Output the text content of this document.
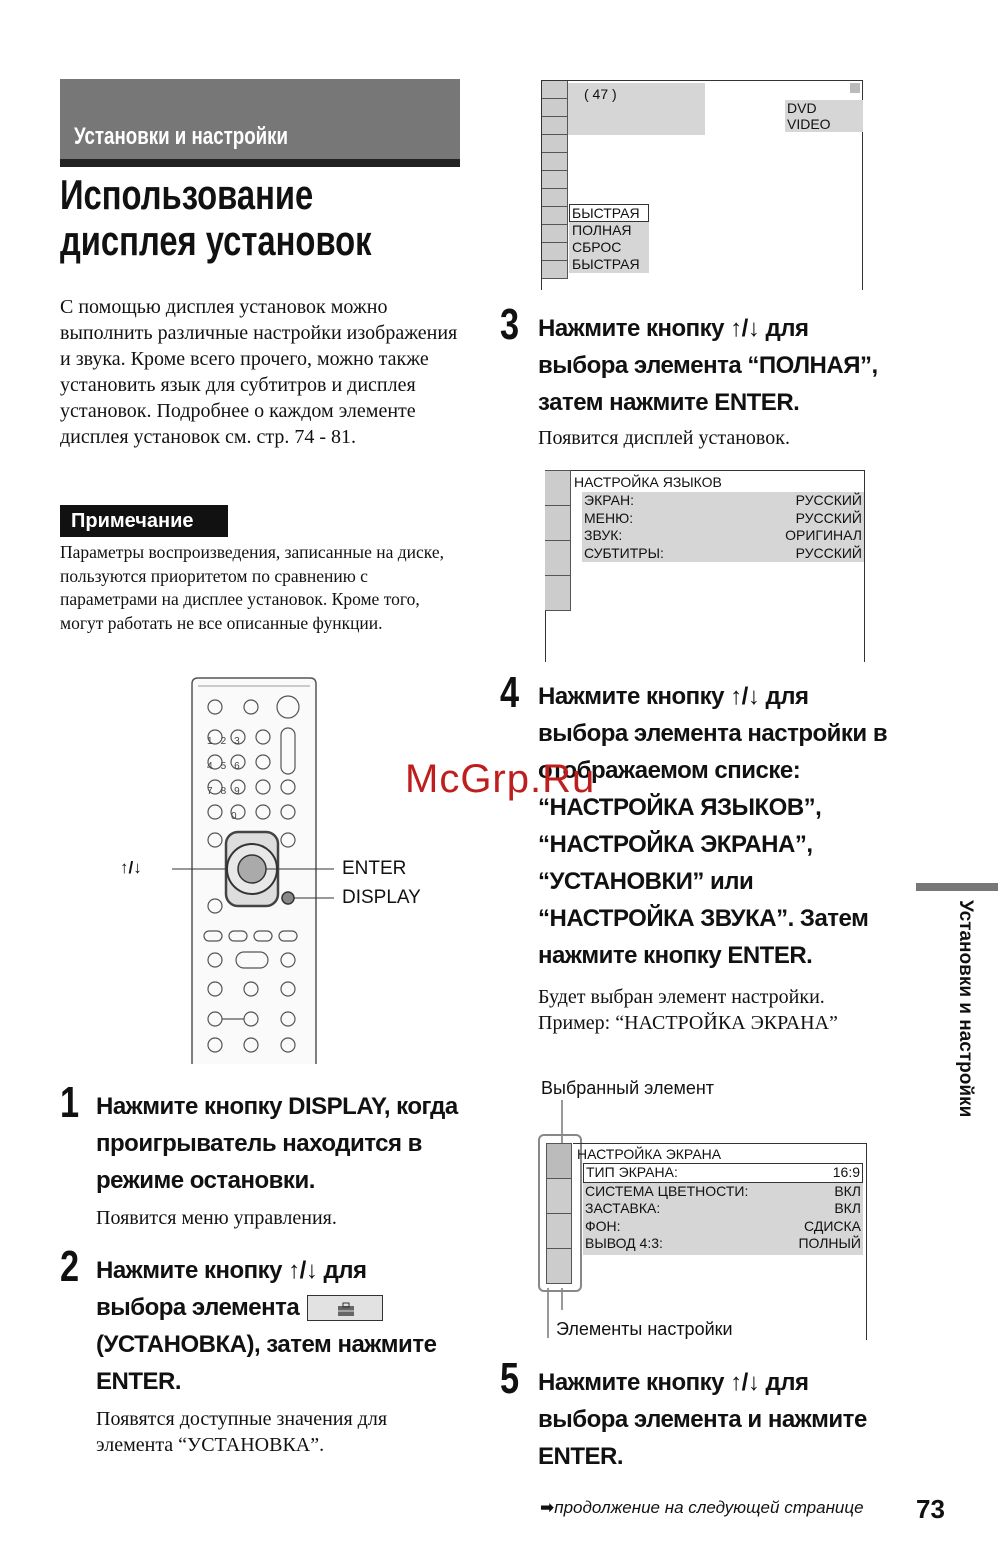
Установки и настройки
Использование
дисплея установок
С помощью дисплея установок можно выполнить различные настройки изображения и звука. Кроме всего прочего, можно также установить язык для субтитров и дисплея установок. Подробнее о каждом элементе дисплея установок см. стр. 74 - 81.
Примечание
Параметры воспроизведения, записанные на диске, пользуются приоритетом по сравнению с параметрами на дисплее установок. Кроме того, могут работать не все описанные функции.
↑/↓	ENTER
DISPLAY
123
456
789
0
1 Нажмите кнопку DISPLAY, когда проигрыватель находится в режиме остановки.
Появится меню управления.
2 Нажмите кнопку ↑/↓ для
выбора элемента
(УСТАНОВКА), затем нажмите ENTER.
Появятся доступные значения для элемента “УСТАНОВКА”.
( 47 )
DVD VIDEO
БЫСТРАЯ
ПОЛНАЯ
СБРОС
БЫСТРАЯ
3 Нажмите кнопку ↑/↓ для выбора элемента “ПОЛНАЯ”, затем нажмите ENTER.
Появится дисплей установок.
НАСТРОЙКА ЯЗЫКОВ
ЭКРАН:	РУССКИЙ
МЕНЮ:	РУССКИЙ
ЗВУК:	ОРИГИНАЛ
СУБТИТРЫ:	РУССКИЙ
4 Нажмите кнопку ↑/↓ для выбора элемента настройки в отображаемом списке: “НАСТРОЙКА ЯЗЫКОВ”, “НАСТРОЙКА ЭКРАНА”, “УСТАНОВКИ” или “НАСТРОЙКА ЗВУКА”. Затем нажмите кнопку ENTER.
Будет выбран элемент настройки. Пример: “НАСТРОЙКА ЭКРАНА”
Выбранный элемент
НАСТРОЙКА ЭКРАНА
ТИП ЭКРАНА:	16:9
СИСТЕМА ЦВЕТНОСТИ:	ВКЛ
ЗАСТАВКА:	ВКЛ
ФОН:	СДИСКА
ВЫВОД 4:3:	ПОЛНЫЙ
Элементы настройки
5 Нажмите кнопку ↑/↓ для выбора элемента и нажмите ENTER.
Установки и настройки
➡продолжение на следующей странице 73
McGrp.Ru
